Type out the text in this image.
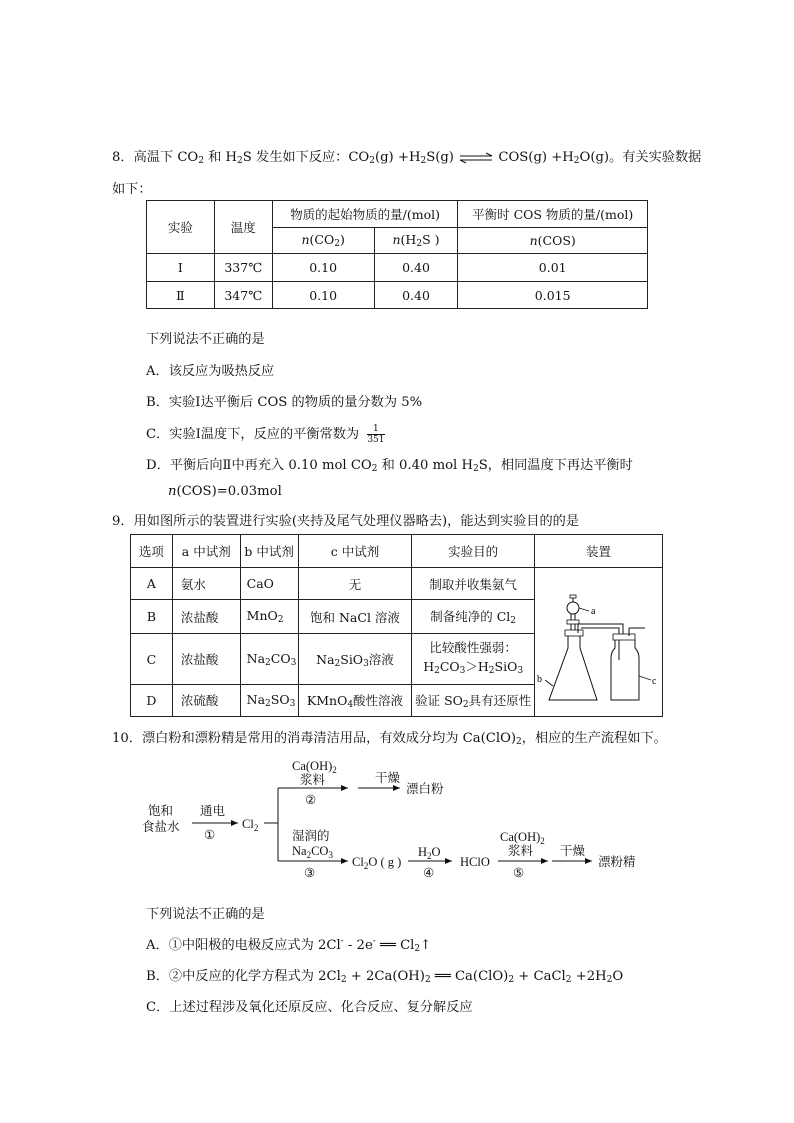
8．高温下 $CO_2$ 和 $H_2S$ 发生如下反应：$CO_2(g) +H_2S(g)$ ⇌ $COS(g) +H_2O(g)$。有关实验数据
如下：
实验	温度	物质的起始物质的量/(mol)		平衡时 COS 物质的量/(mol)
		$n(CO_2)$	$n(H_2S$ )	n(COS)
Ⅰ	337℃	0.10	0.40	0.01
Ⅱ	347℃	0.10	0.40	0.015
下列说法不正确的是
A．该反应为吸热反应
B．实验Ⅰ达平衡后 COS 的物质的量分数为 5%
C．实验Ⅰ温度下，反应的平衡常数为 $\frac{1}{351}$
D．平衡后向Ⅱ中再充入 0.10 mol $CO_2$ 和 0.40 mol $H_2S$，相同温度下再达平衡时
n(COS)=0.03mol
9．用如图所示的装置进行实验(夹持及尾气处理仪器略去)，能达到实验目的的是
选项	a 中试剂	b 中试剂	c 中试剂	实验目的	装置
A	氨水	CaO	无	制取并收集氨气	a
c
b

B	浓盐酸	MnO$_2$	饱和 NaCl 溶液	制备纯净的 $Cl_2$
C	浓盐酸	$Na_2CO_3$	$Na_2SiO_3$溶液	比较酸性强弱：
$H_2CO_3>H_2SiO_3$

D	浓硫酸	$Na_2SO_3$	KMnO$_4$酸性溶液	验证 $SO_2$具有还原性	
10．漂白粉和漂粉精是常用的消毒清洁用品，有效成分均为 $Ca(ClO)_2$，相应的生产流程如下。
饱和
食盐水
通电
①
$Cl_2$
$Ca(OH)_2$
浆料
②
干燥
漂白粉
湿润的
$Na_2CO_3$
③
$Cl_2O$ ( g )
$H_2O$
④
HClO
$Ca(OH)_2$
浆料
⑤
干燥
漂粉精
下列说法不正确的是
A．①中阳极的电极反应式为 2Cl- - 2e- ══ $Cl_2↑$
B．②中反应的化学方程式为 $2Cl_2 + 2Ca(OH)_2$ ══ $Ca(ClO)_2$ + CaCl$_2$ $+2H_2O$
C．上述过程涉及氧化还原反应、化合反应、复分解反应
